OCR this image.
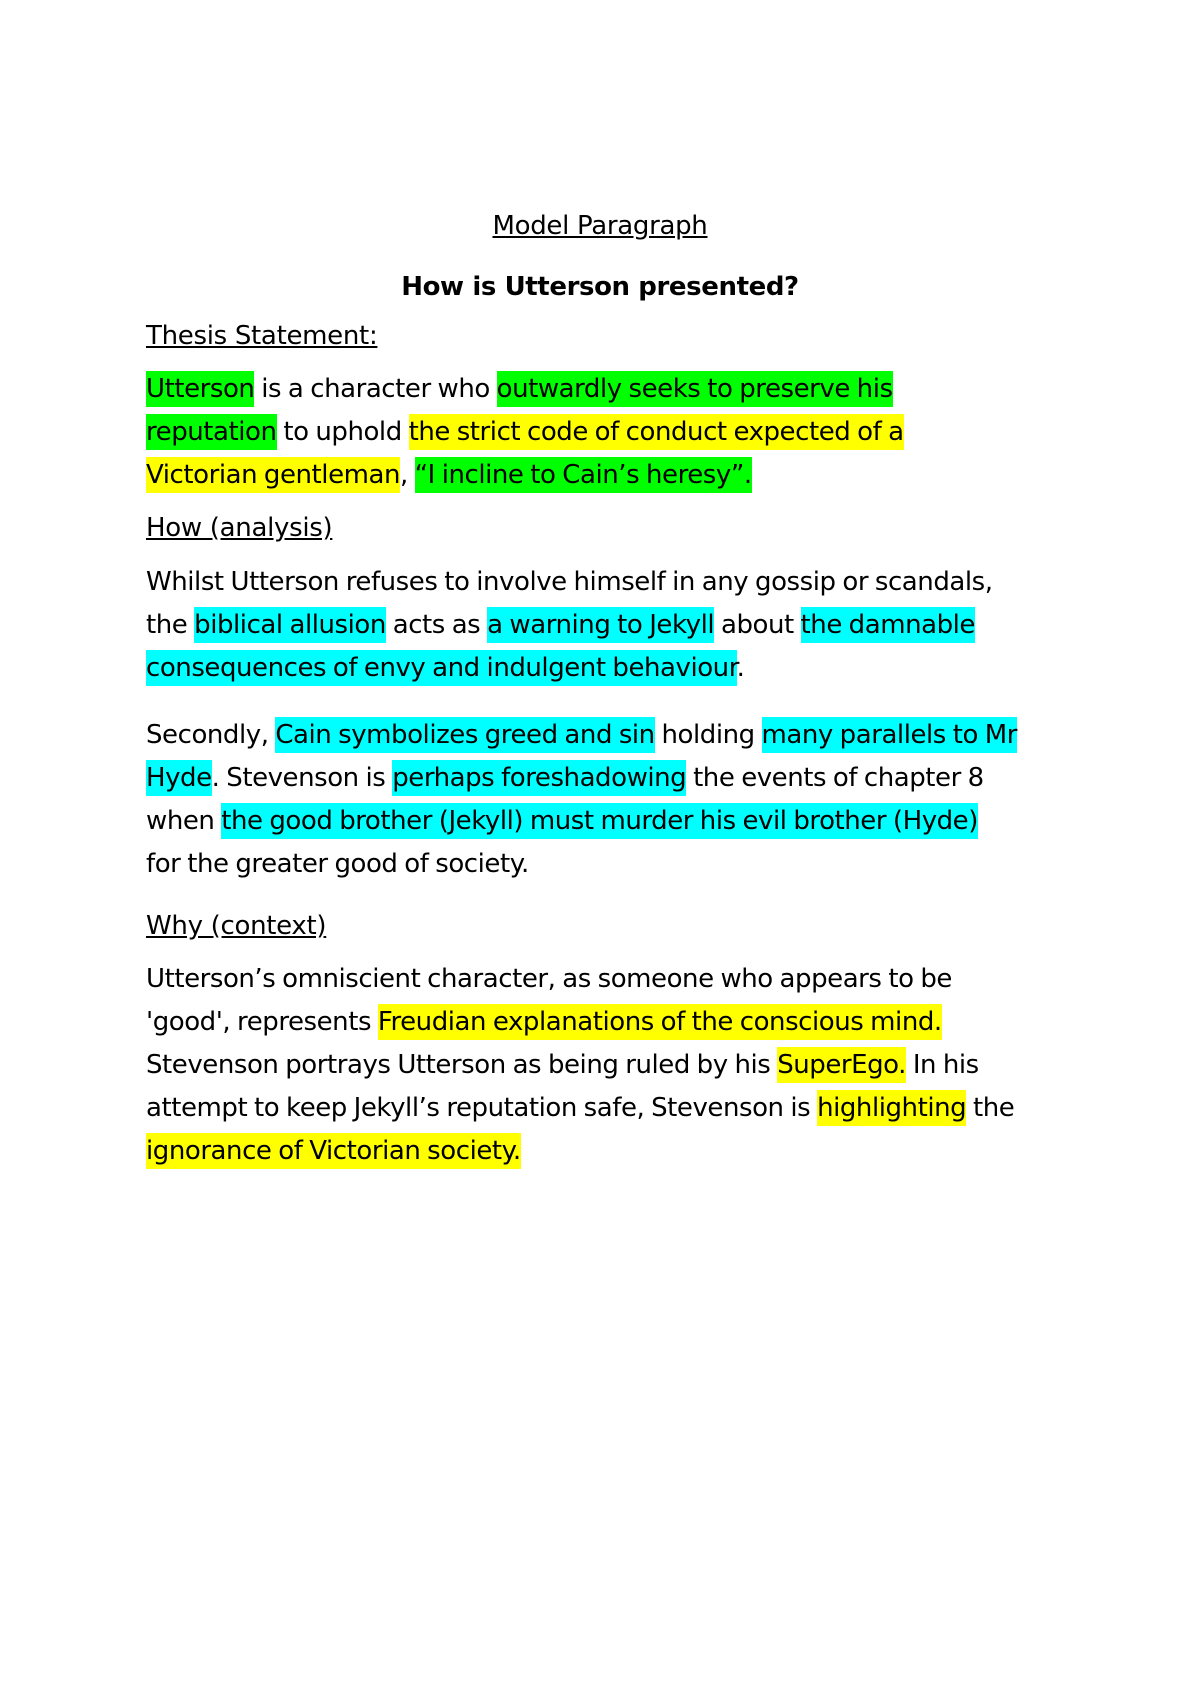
Model Paragraph
How is Utterson presented?
Thesis Statement:
Utterson is a character who outwardly seeks to preserve his
reputation to uphold the strict code of conduct expected of a
Victorian gentleman, “I incline to Cain’s heresy”.
How (analysis)
Whilst Utterson refuses to involve himself in any gossip or scandals,
the biblical allusion acts as a warning to Jekyll about the damnable
consequences of envy and indulgent behaviour.
Secondly, Cain symbolizes greed and sin holding many parallels to Mr
Hyde. Stevenson is perhaps foreshadowing the events of chapter 8
when the good brother (Jekyll) must murder his evil brother (Hyde)
for the greater good of society.
Why (context)
Utterson’s omniscient character, as someone who appears to be
'good', represents Freudian explanations of the conscious mind.
Stevenson portrays Utterson as being ruled by his SuperEgo. In his
attempt to keep Jekyll’s reputation safe, Stevenson is highlighting the
ignorance of Victorian society.
